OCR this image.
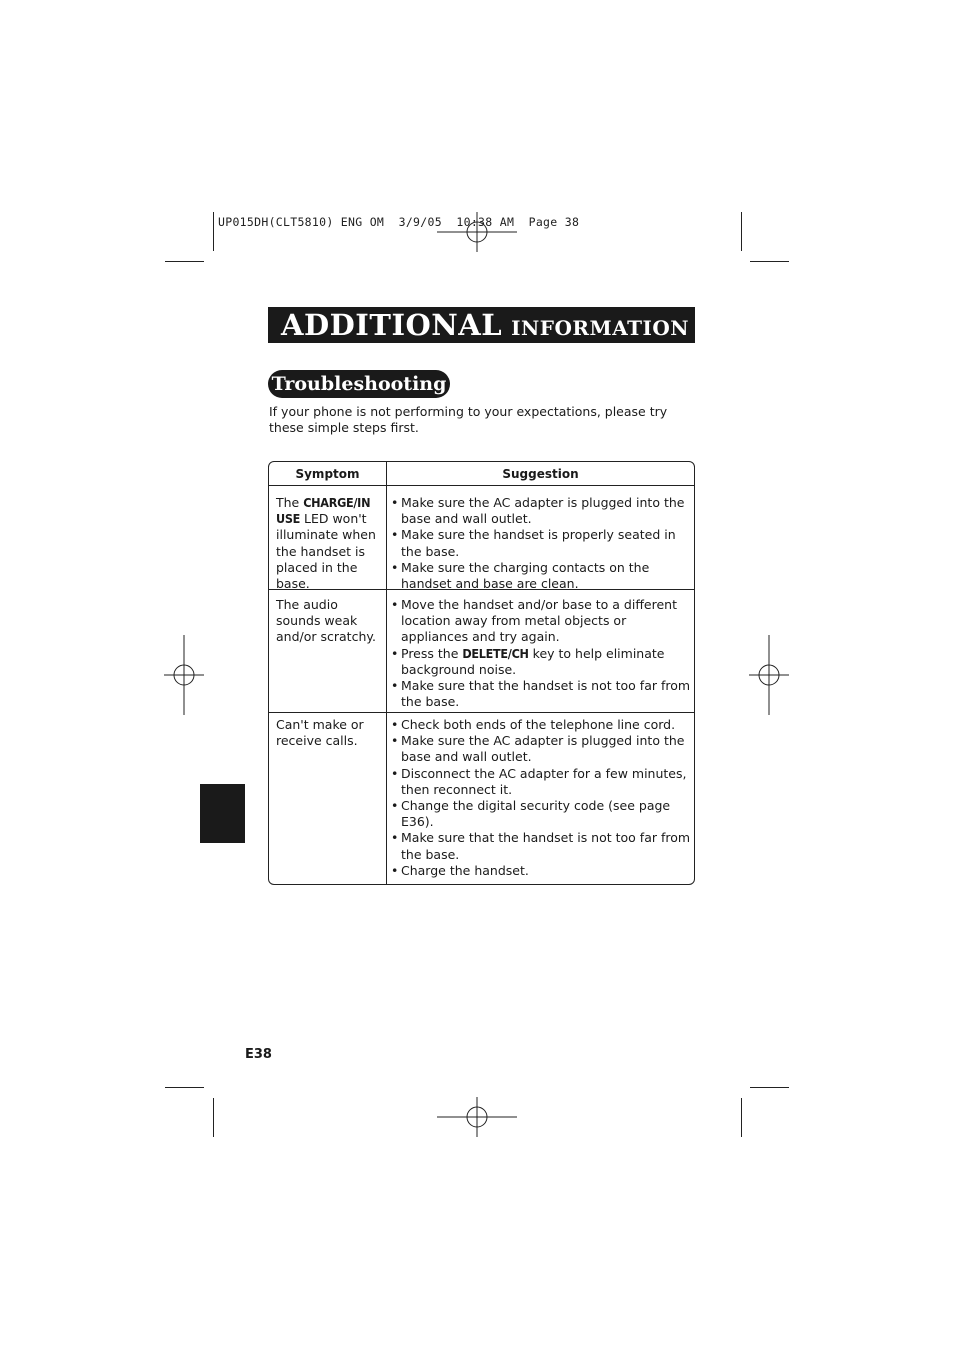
UP015DH(CLT5810) ENG OM  3/9/05  10:38 AM  Page 38
ADDITIONAL INFORMATION
Troubleshooting
If your phone is not performing to your expectations, please try these simple steps first.
Symptom	Suggestion
The CHARGE/IN USE LED won't illuminate when the handset is placed in the base.
• Make sure the AC adapter is plugged into the base and wall outlet.
• Make sure the handset is properly seated in the base.
• Make sure the charging contacts on the handset and base are clean.
The audio sounds weak and/or scratchy.
• Move the handset and/or base to a different location away from metal objects or appliances and try again.
• Press the DELETE/CH key to help eliminate background noise.
• Make sure that the handset is not too far from the base.
Can't make or receive calls.
• Check both ends of the telephone line cord.
• Make sure the AC adapter is plugged into the base and wall outlet.
• Disconnect the AC adapter for a few minutes, then reconnect it.
• Change the digital security code (see page E36).
• Make sure that the handset is not too far from the base.
• Charge the handset.
E38
